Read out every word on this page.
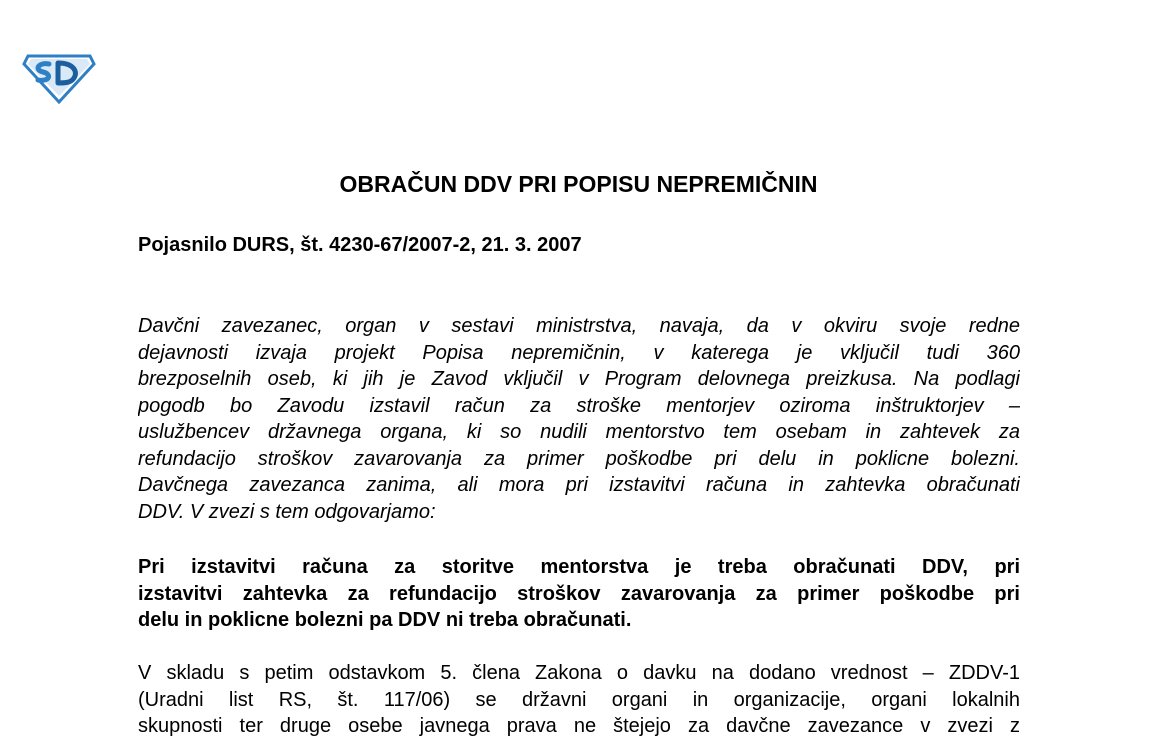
OBRAČUN DDV PRI POPISU NEPREMIČNIN

Pojasnilo DURS, št. 4230-67/2007-2, 21. 3. 2007

Davčni zavezanec, organ v sestavi ministrstva, navaja, da v okviru svoje redne
dejavnosti izvaja projekt Popisa nepremičnin, v katerega je vključil tudi 360
brezposelnih oseb, ki jih je Zavod vključil v Program delovnega preizkusa. Na podlagi
pogodb bo Zavodu izstavil račun za stroške mentorjev oziroma inštruktorjev –
uslužbencev državnega organa, ki so nudili mentorstvo tem osebam in zahtevek za
refundacijo stroškov zavarovanja za primer poškodbe pri delu in poklicne bolezni.
Davčnega zavezanca zanima, ali mora pri izstavitvi računa in zahtevka obračunati
DDV. V zvezi s tem odgovarjamo:
Pri izstavitvi računa za storitve mentorstva je treba obračunati DDV, pri
izstavitvi zahtevka za refundacijo stroškov zavarovanja za primer poškodbe pri
delu in poklicne bolezni pa DDV ni treba obračunati.
V skladu s petim odstavkom 5. člena Zakona o davku na dodano vrednost – ZDDV-1
(Uradni list RS, št. 117/06) se državni organi in organizacije, organi lokalnih
skupnosti ter druge osebe javnega prava ne štejejo za davčne zavezance v zvezi z
